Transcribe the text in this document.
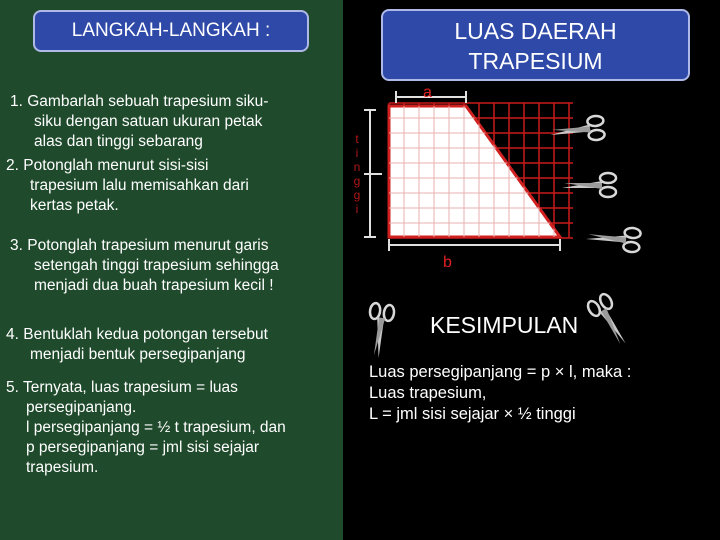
LANGKAH-LANGKAH :	LUAS DAERAH
TRAPESIUM
1. Gambarlah sebuah trapesium siku-
siku dengan satuan ukuran petak
alas dan tinggi sebarang
2. Potonglah menurut sisi-sisi
trapesium lalu memisahkan dari
kertas petak.
3. Potonglah trapesium menurut garis
setengah tinggi trapesium sehingga
menjadi dua buah trapesium kecil !
4. Bentuklah kedua potongan tersebut
menjadi bentuk persegipanjang
5. Ternyata, luas trapesium = luas
persegipanjang.
l persegipanjang = ½ t trapesium, dan
p persegipanjang = jml sisi sejajar
trapesium.
a
b
t
i
n
g
g
i
KESIMPULAN
Luas persegipanjang = p × l, maka :
Luas trapesium,
L = jml sisi sejajar × ½ tinggi
